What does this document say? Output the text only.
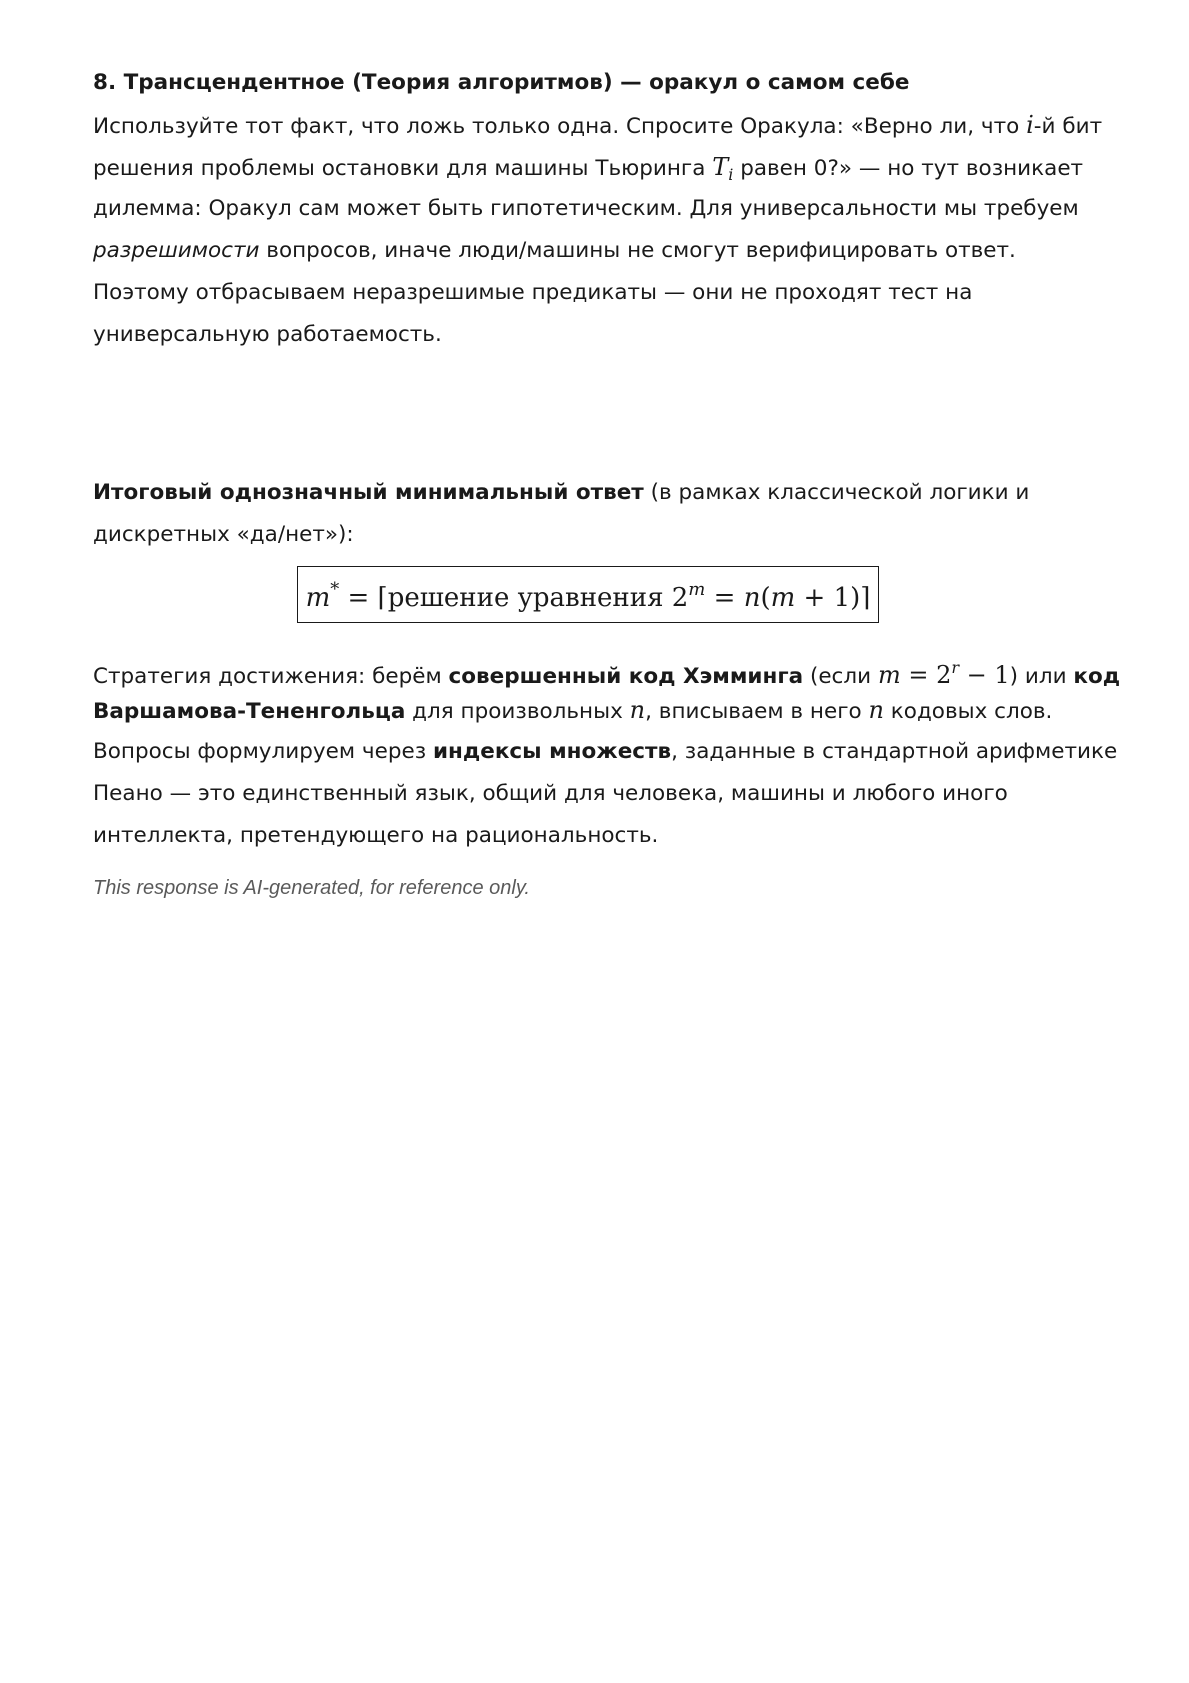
8. Трансцендентное (Теория алгоритмов) — оракул о самом себе

Используйте тот факт, что ложь только одна. Спросите Оракула: «Верно ли, что i-й бит
решения проблемы остановки для машины Тьюринга $T_i$ равен 0?» — но тут возникает
дилемма: Оракул сам может быть гипотетическим. Для универсальности мы требуем
разрешимости вопросов, иначе люди/машины не смогут верифицировать ответ.
Поэтому отбрасываем неразрешимые предикаты — они не проходят тест на
универсальную работаемость.

Итоговый однозначный минимальный ответ (в рамках классической логики и
дискретных «да/нет»):

m* = ⌈решение уравнения $2^m = n(m$ + 1)⌉

Стратегия достижения: берём совершенный код Хэмминга (если $m = 2^r - 1$) или код
Варшамова-Тененгольца для произвольных n, вписываем в него n кодовых слов.
Вопросы формулируем через индексы множеств, заданные в стандартной арифметике
Пеано — это единственный язык, общий для человека, машины и любого иного
интеллекта, претендующего на рациональность.

This response is AI-generated, for reference only.
